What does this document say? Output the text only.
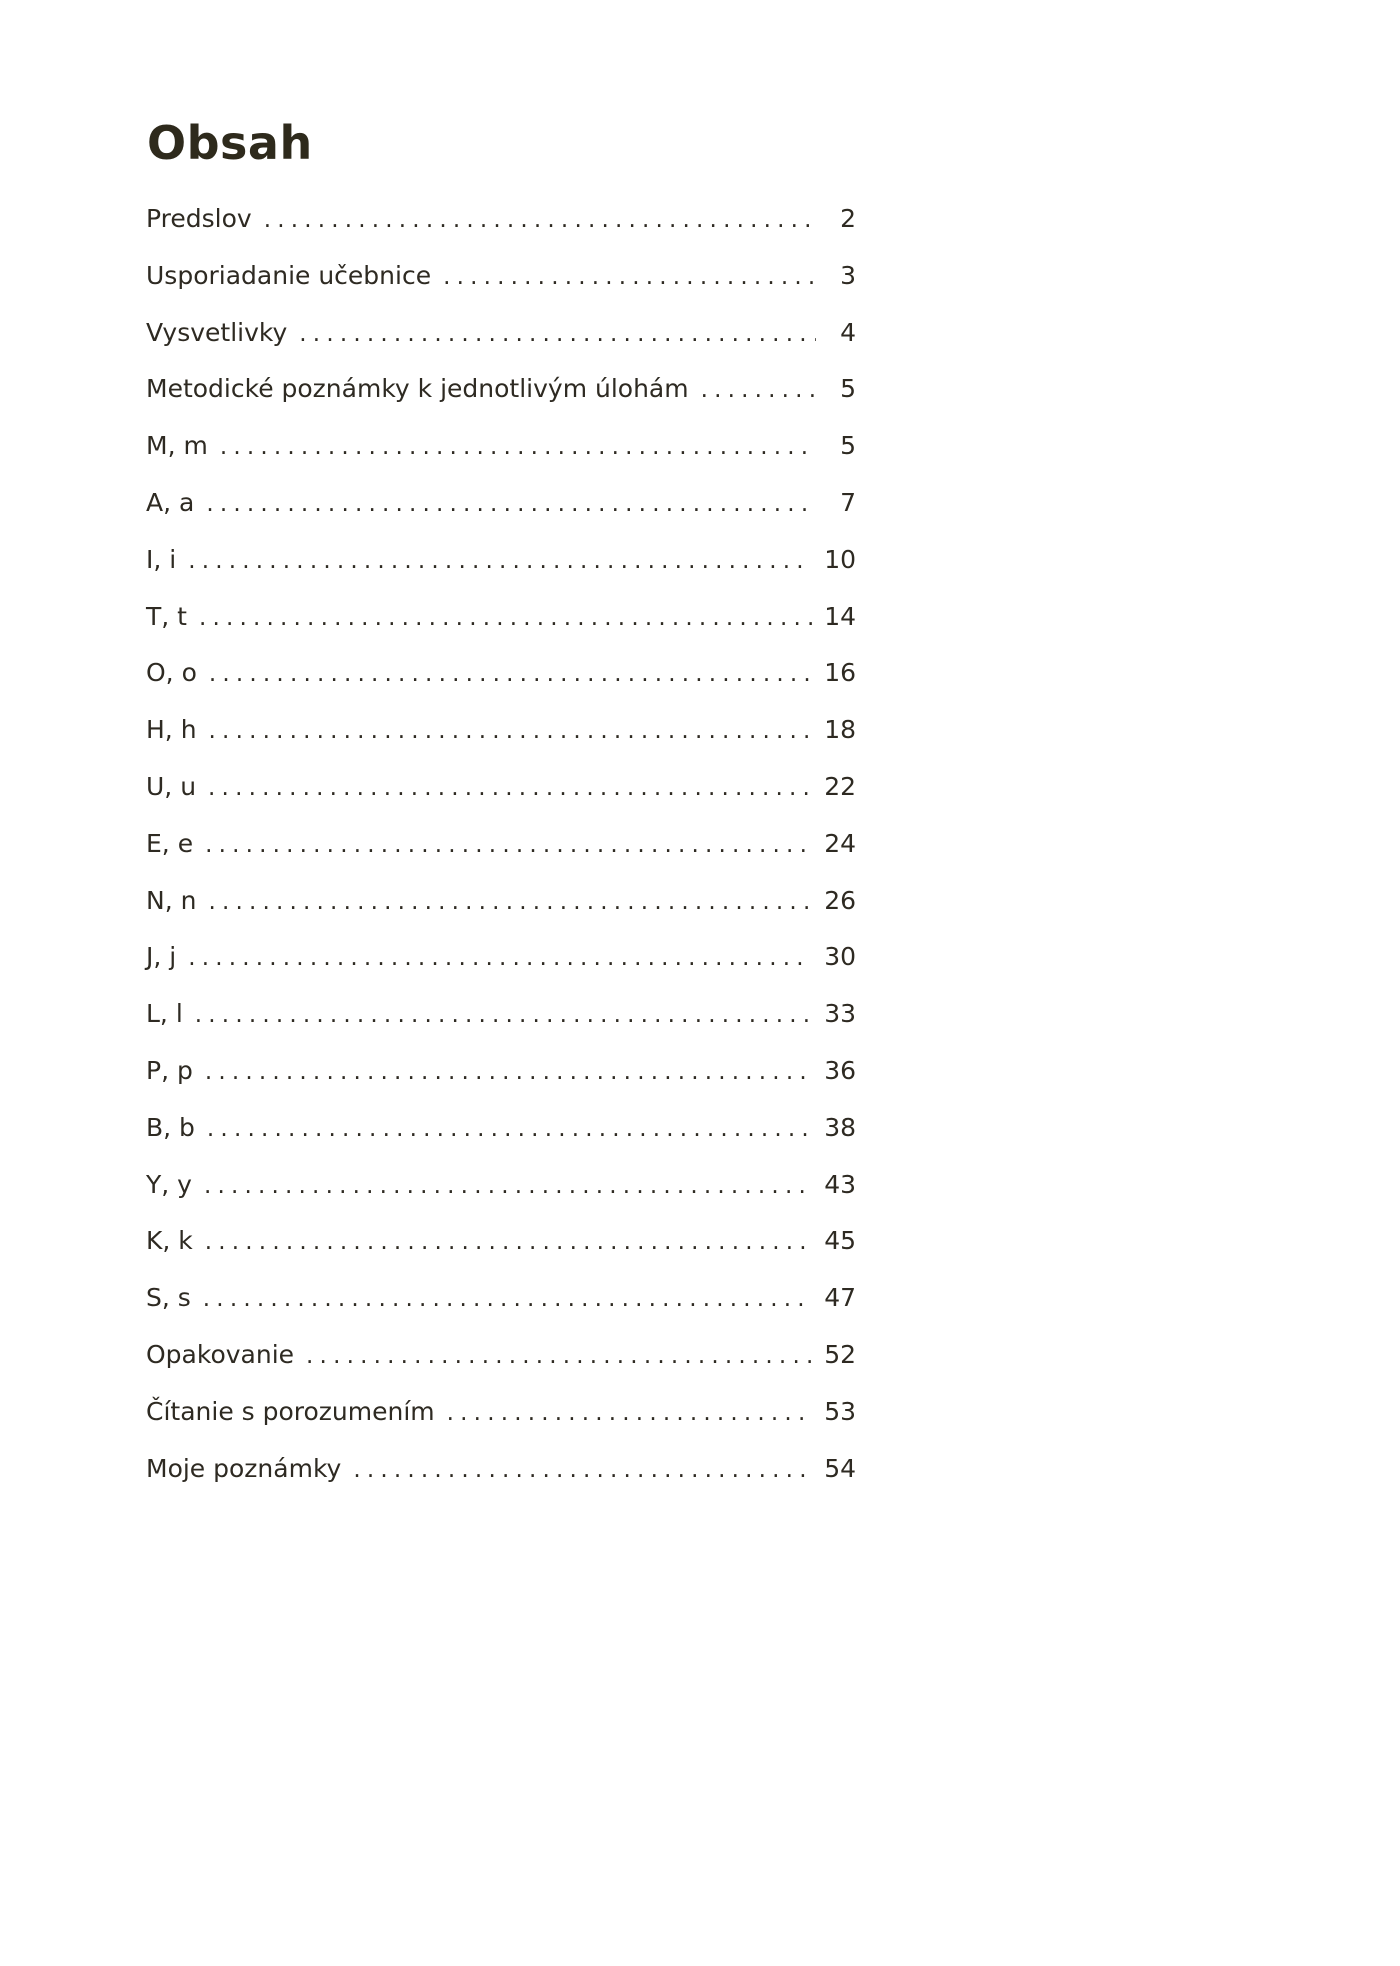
Obsah
Predslov .....	2
Usporiadanie učebnice .....	3
Vysvetlivky .....	4
Metodické poznámky k jednotlivým úlohám .....	5
M, m .....	5
A, a .....	7
I, i .....	10
T, t .....	14
O, o .....	16
H, h .....	18
U, u .....	22
E, e .....	24
N, n .....	26
J, j .....	30
L, l .....	33
P, p .....	36
B, b .....	38
Y, y .....	43
K, k .....	45
S, s .....	47
Opakovanie .....	52
Čítanie s porozumením .....	53
Moje poznámky .....	54
